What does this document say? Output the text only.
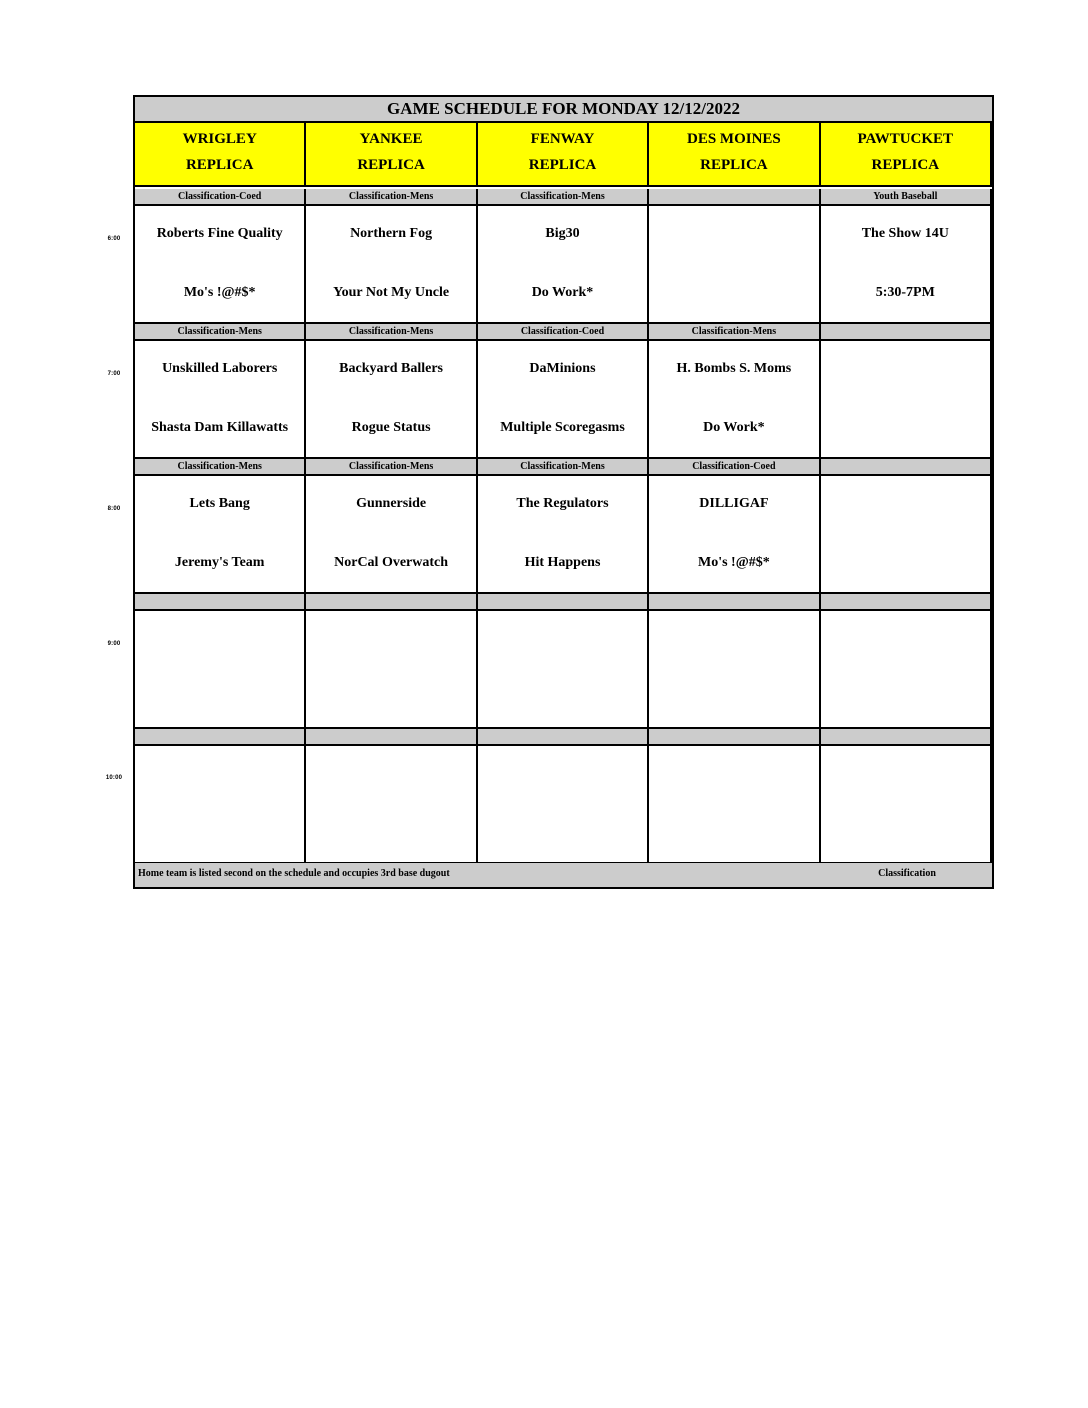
GAME SCHEDULE FOR MONDAY 12/12/2022
WRIGLEY
REPLICA
YANKEE
REPLICA
FENWAY
REPLICA
DES MOINES
REPLICA
PAWTUCKET
REPLICA
Classification-Coed
Roberts Fine Quality
Mo's !@#$*
Classification-Mens
Northern Fog
Your Not My Uncle
Classification-Mens
Big30
Do Work*
Youth Baseball
The Show 14U
5:30-7PM
Classification-Mens
Unskilled Laborers
Shasta Dam Killawatts
Classification-Mens
Backyard Ballers
Rogue Status
Classification-Coed
DaMinions
Multiple Scoregasms
Classification-Mens
H. Bombs S. Moms
Do Work*
Classification-Mens
Lets Bang
Jeremy's Team
Classification-Mens
Gunnerside
NorCal Overwatch
Classification-Mens
The Regulators
Hit Happens
Classification-Coed
DILLIGAF
Mo's !@#$*
Home team is listed second on the schedule and occupies 3rd base dugout	Classification
6:00
7:00
8:00
9:00
10:00
